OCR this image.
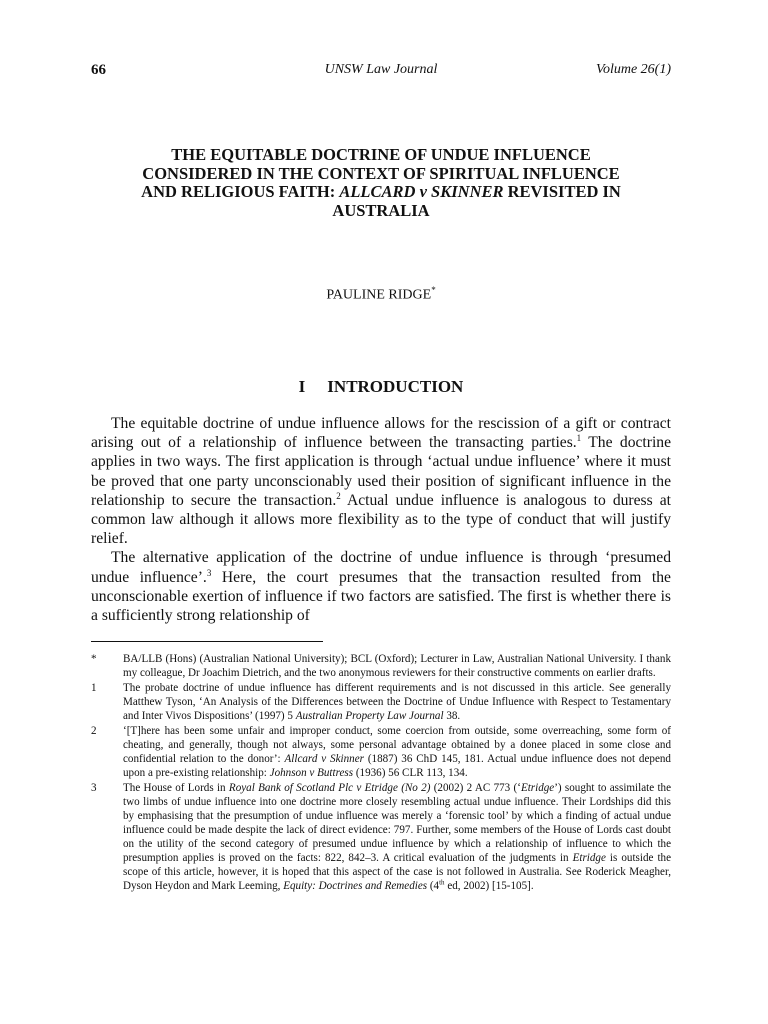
66	UNSW Law Journal	Volume 26(1)
THE EQUITABLE DOCTRINE OF UNDUE INFLUENCE
CONSIDERED IN THE CONTEXT OF SPIRITUAL INFLUENCE
AND RELIGIOUS FAITH: ALLCARD v SKINNER REVISITED IN
AUSTRALIA
PAULINE RIDGE*
I INTRODUCTION

The equitable doctrine of undue influence allows for the rescission of a gift or contract arising out of a relationship of influence between the transacting parties.$^1$ The doctrine applies in two ways. The first application is through ‘actual undue influence’ where it must be proved that one party unconscionably used their position of significant influence in the relationship to secure the transaction.$^2$ Actual undue influence is analogous to duress at common law although it allows more flexibility as to the type of conduct that will justify relief.

The alternative application of the doctrine of undue influence is through ‘presumed undue influence’.$^3$ Here, the court presumes that the transaction resulted from the unconscionable exertion of influence if two factors are satisfied. The first is whether there is a sufficiently strong relationship of

* BA/LLB (Hons) (Australian National University); BCL (Oxford); Lecturer in Law, Australian National University. I thank my colleague, Dr Joachim Dietrich, and the two anonymous reviewers for their constructive comments on earlier drafts.

1 The probate doctrine of undue influence has different requirements and is not discussed in this article. See generally Matthew Tyson, ‘An Analysis of the Differences between the Doctrine of Undue Influence with Respect to Testamentary and Inter Vivos Dispositions’ (1997) 5 Australian Property Law Journal 38.

2 ‘[T]here has been some unfair and improper conduct, some coercion from outside, some overreaching, some form of cheating, and generally, though not always, some personal advantage obtained by a donee placed in some close and confidential relation to the donor’: Allcard v Skinner (1887) 36 ChD 145, 181. Actual undue influence does not depend upon a pre-existing relationship: Johnson v Buttress (1936) 56 CLR 113, 134.

3 The House of Lords in Royal Bank of Scotland Plc v Etridge (No 2) (2002) 2 AC 773 (‘Etridge’) sought to assimilate the two limbs of undue influence into one doctrine more closely resembling actual undue influence. Their Lordships did this by emphasising that the presumption of undue influence was merely a ‘forensic tool’ by which a finding of actual undue influence could be made despite the lack of direct evidence: 797. Further, some members of the House of Lords cast doubt on the utility of the second category of presumed undue influence by which a relationship of influence to which the presumption applies is proved on the facts: 822, 842–3. A critical evaluation of the judgments in Etridge is outside the scope of this article, however, it is hoped that this aspect of the case is not followed in Australia. See Roderick Meagher, Dyson Heydon and Mark Leeming, Equity: Doctrines and Remedies (4th ed, 2002) [15-105].
